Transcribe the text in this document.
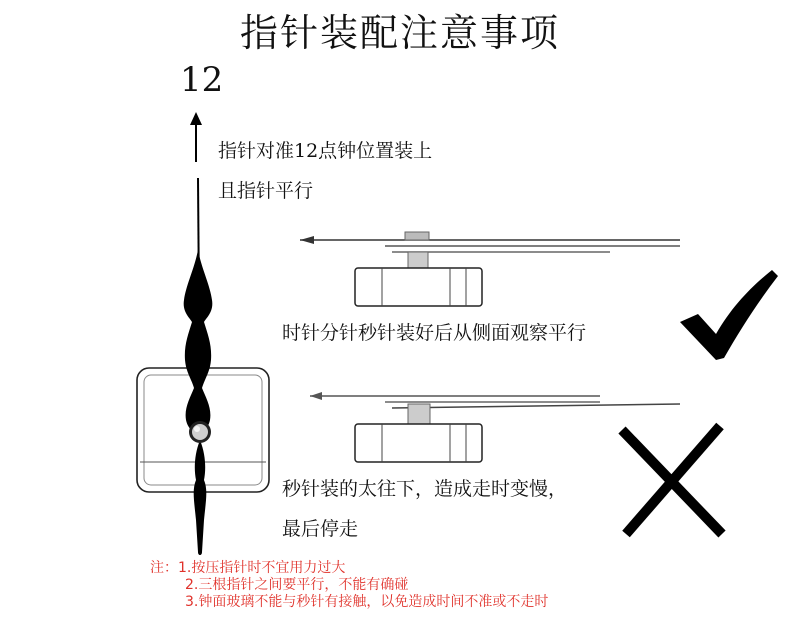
指针装配注意事项
12
指针对准12点钟位置装上
且指针平行
时针分针秒针装好后从侧面观察平行
秒针装的太往下，造成走时变慢，
最后停走
注：1.按压指针时不宜用力过大
2.三根指针之间要平行，不能有确碰
3.钟面玻璃不能与秒针有接触，以免造成时间不准或不走时
